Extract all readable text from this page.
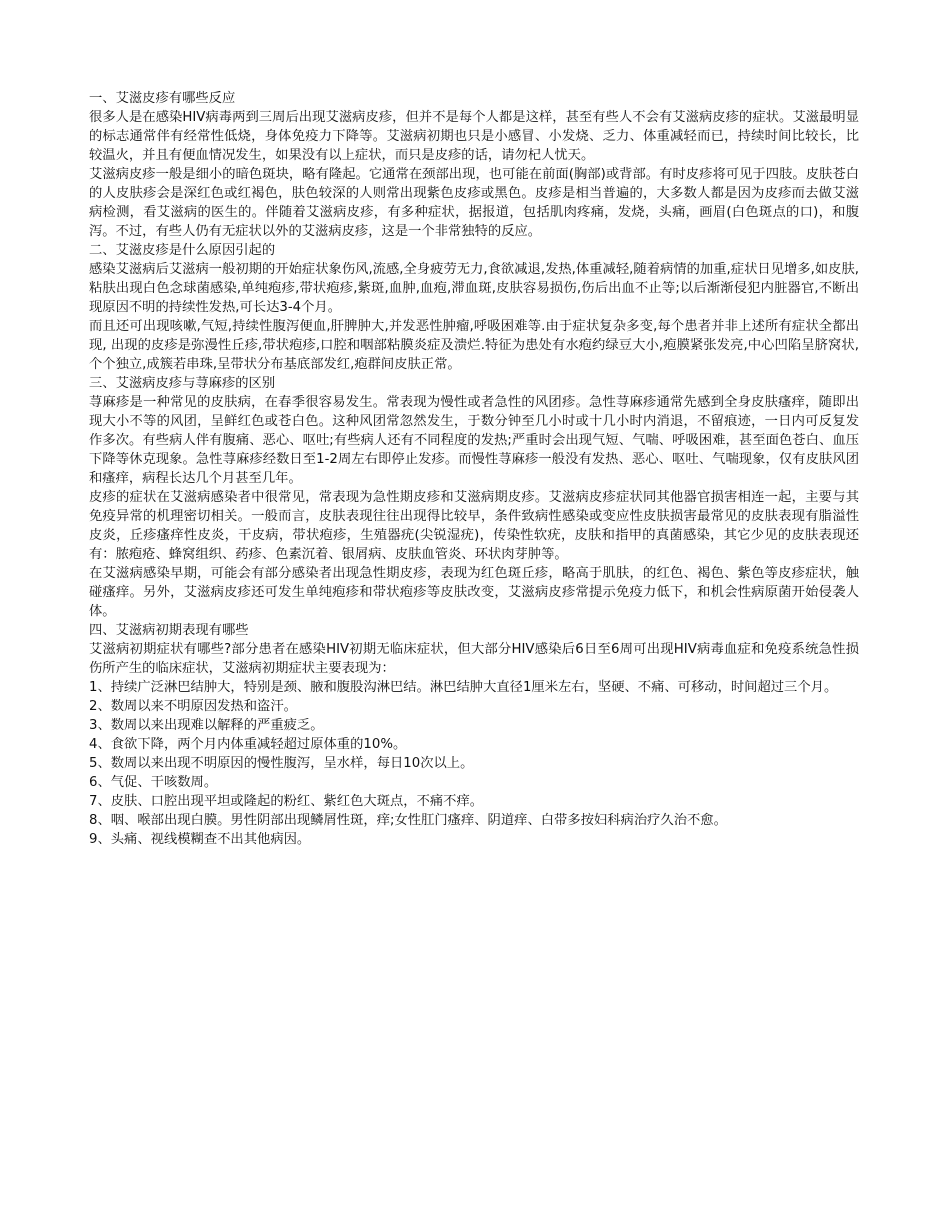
一、艾滋皮疹有哪些反应

很多人是在感染HIV病毒两到三周后出现艾滋病皮疹，但并不是每个人都是这样，甚至有些人不会有艾滋病皮疹的症状。艾滋最明显的标志通常伴有经常性低烧，身体免疫力下降等。艾滋病初期也只是小感冒、小发烧、乏力、体重减轻而已，持续时间比较长，比较温火，并且有便血情况发生，如果没有以上症状，而只是皮疹的话，请勿杞人忧天。

艾滋病皮疹一般是细小的暗色斑块，略有隆起。它通常在颈部出现，也可能在前面(胸部)或背部。有时皮疹将可见于四肢。皮肤苍白的人皮肤疹会是深红色或红褐色，肤色较深的人则常出现紫色皮疹或黑色。皮疹是相当普遍的，大多数人都是因为皮疹而去做艾滋病检测，看艾滋病的医生的。伴随着艾滋病皮疹，有多种症状，据报道，包括肌肉疼痛，发烧，头痛，画眉(白色斑点的口)，和腹泻。不过，有些人仍有无症状以外的艾滋病皮疹，这是一个非常独特的反应。

二、艾滋皮疹是什么原因引起的

感染艾滋病后艾滋病一般初期的开始症状象伤风,流感,全身疲劳无力,食欲减退,发热,体重减轻,随着病情的加重,症状日见增多,如皮肤,粘肤出现白色念球菌感染,单纯疱疹,带状疱疹,紫斑,血肿,血疱,滞血斑,皮肤容易损伤,伤后出血不止等;以后渐渐侵犯内脏器官,不断出现原因不明的持续性发热,可长达3-4个月。

而且还可出现咳嗽,气短,持续性腹泻便血,肝脾肿大,并发恶性肿瘤,呼吸困难等.由于症状复杂多变,每个患者并非上述所有症状全都出现, 出现的皮疹是弥漫性丘疹,带状疱疹,口腔和咽部粘膜炎症及溃烂.特征为患处有水疱约绿豆大小,疱膜紧张发亮,中心凹陷呈脐窝状,个个独立,成簇若串珠,呈带状分布基底部发红,疱群间皮肤正常。

三、艾滋病皮疹与荨麻疹的区别

荨麻疹是一种常见的皮肤病，在春季很容易发生。常表现为慢性或者急性的风团疹。急性荨麻疹通常先感到全身皮肤瘙痒，随即出现大小不等的风团，呈鲜红色或苍白色。这种风团常忽然发生，于数分钟至几小时或十几小时内消退，不留痕迹，一日内可反复发作多次。有些病人伴有腹痛、恶心、呕吐;有些病人还有不同程度的发热;严重时会出现气短、气喘、呼吸困难，甚至面色苍白、血压下降等休克现象。急性荨麻疹经数日至1-2周左右即停止发疹。而慢性荨麻疹一般没有发热、恶心、呕吐、气喘现象，仅有皮肤风团和瘙痒，病程长达几个月甚至几年。

皮疹的症状在艾滋病感染者中很常见，常表现为急性期皮疹和艾滋病期皮疹。艾滋病皮疹症状同其他器官损害相连一起，主要与其免疫异常的机理密切相关。一般而言，皮肤表现往往出现得比较早，条件致病性感染或变应性皮肤损害最常见的皮肤表现有脂溢性皮炎，丘疹瘙痒性皮炎，干皮病，带状疱疹，生殖器疣(尖锐湿疣)，传染性软疣，皮肤和指甲的真菌感染，其它少见的皮肤表现还有：脓疱疮、蜂窝组织、药疹、色素沉着、银屑病、皮肤血管炎、环状肉芽肿等。

在艾滋病感染早期，可能会有部分感染者出现急性期皮疹，表现为红色斑丘疹，略高于肌肤，的红色、褐色、紫色等皮疹症状，触碰瘙痒。另外，艾滋病皮疹还可发生单纯疱疹和带状疱疹等皮肤改变，艾滋病皮疹常提示免疫力低下，和机会性病原菌开始侵袭人体。

四、艾滋病初期表现有哪些

艾滋病初期症状有哪些?部分患者在感染HIV初期无临床症状，但大部分HIV感染后6日至6周可出现HIV病毒血症和免疫系统急性损伤所产生的临床症状，艾滋病初期症状主要表现为：

1、持续广泛淋巴结肿大，特别是颈、腋和腹股沟淋巴结。淋巴结肿大直径1厘米左右，坚硬、不痛、可移动，时间超过三个月。

2、数周以来不明原因发热和盗汗。

3、数周以来出现难以解释的严重疲乏。

4、食欲下降，两个月内体重减轻超过原体重的10%。

5、数周以来出现不明原因的慢性腹泻，呈水样，每日10次以上。

6、气促、干咳数周。

7、皮肤、口腔出现平坦或隆起的粉红、紫红色大斑点，不痛不痒。

8、咽、喉部出现白膜。男性阴部出现鳞屑性斑，痒;女性肛门瘙痒、阴道痒、白带多按妇科病治疗久治不愈。

9、头痛、视线模糊查不出其他病因。
